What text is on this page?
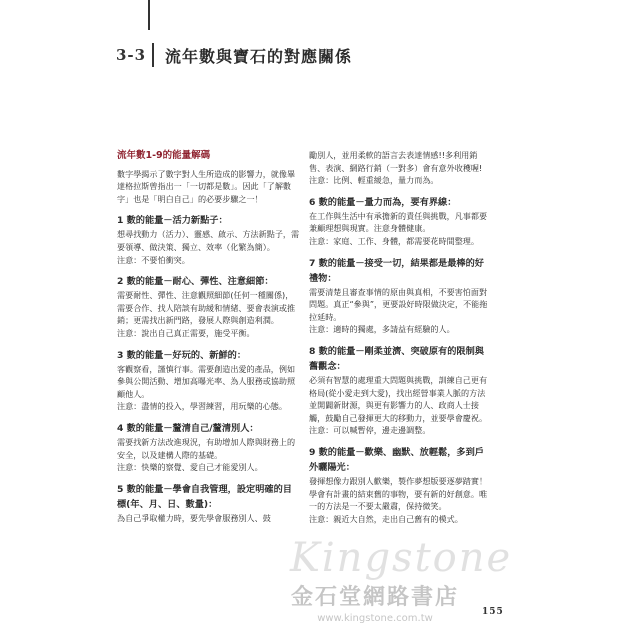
3-3 流年數與寶石的對應關係
流年數1-9的能量解碼

數字學揭示了數字對人生所造成的影響力，就像畢達格拉斯曾指出一「一切都是數」。因此「了解數字」也是「明白自己」的必要步驟之一！

1 數的能量－活力新點子：

想尋找動力（活力）、靈感、啟示、方法新點子，需要領導、做決策、獨立、效率（化繁為簡）。

注意：不要怕衝突。

2 數的能量－耐心、彈性、注意細節：

需要耐性、彈性、注意觀照細節(任何一種關係)，需要合作、找人陪談有助緩和情緒、要會表演或推銷；更需找出新門路，發展人際與創造利潤。

注意：說出自己真正需要，施受平衡。

3 數的能量－好玩的、新鮮的：

客觀察看，謹慎行事。需要創造出愛的產品，例如參與公開活動、增加高曝光率、為人服務或協助照顧他人。

注意：盡情的投入，學習練習，用玩樂的心態。

4 數的能量－釐清自己/釐清別人：

需要找新方法改進現況，有助增加人際與財務上的安全，以及建構人際的基礎。

注意：快樂的察覺、愛自己才能愛別人。

5 數的能量－學會自我管理，設定明確的目標(年、月、日、數量)：

為自己爭取權力時，要先學會服務別人、鼓

勵別人，並用柔軟的語言去表達情感!!多利用銷售、表演、網路行銷（一對多）會有意外收穫喔!

注意：比例、輕重緩急，量力而為。

6 數的能量－量力而為，要有界線：

在工作與生活中有承擔新的責任與挑戰，凡事都要兼顧理想與現實。注意身體健康。

注意：家庭、工作、身體，都需要花時間整理。

7 數的能量－接受一切，結果都是最棒的好禮物：

需要清楚且審查事情的原由與真相，不要害怕面對問題。真正“參與”，更要設好時限做決定，不能拖拉延時。

注意：適時的獨處，多請益有經驗的人。

8 數的能量－剛柔並濟、突破原有的限制與舊觀念：

必須有智慧的處理重大問題與挑戰，訓練自己更有格局(從小愛走到大愛)，找出經營事業人脈的方法並開闢新財源，與更有影響力的人、政商人士接觸，鼓勵自己發揮更大的移動力，並要學會慶祝。

注意：可以喊暫停，邊走邊調整。

9 數的能量－歡樂、幽默、放輕鬆，多到戶外曬陽光：

發揮想像力跟別人歡樂，製作夢想版要逐夢踏實！學會有計畫的結束舊的事物，要有新的好創意。唯一的方法是一不要太嚴肅，保持微笑。

注意：親近大自然，走出自己舊有的模式。

Kingstone
金石堂網路書店
www.kingstone.com.tw
155
